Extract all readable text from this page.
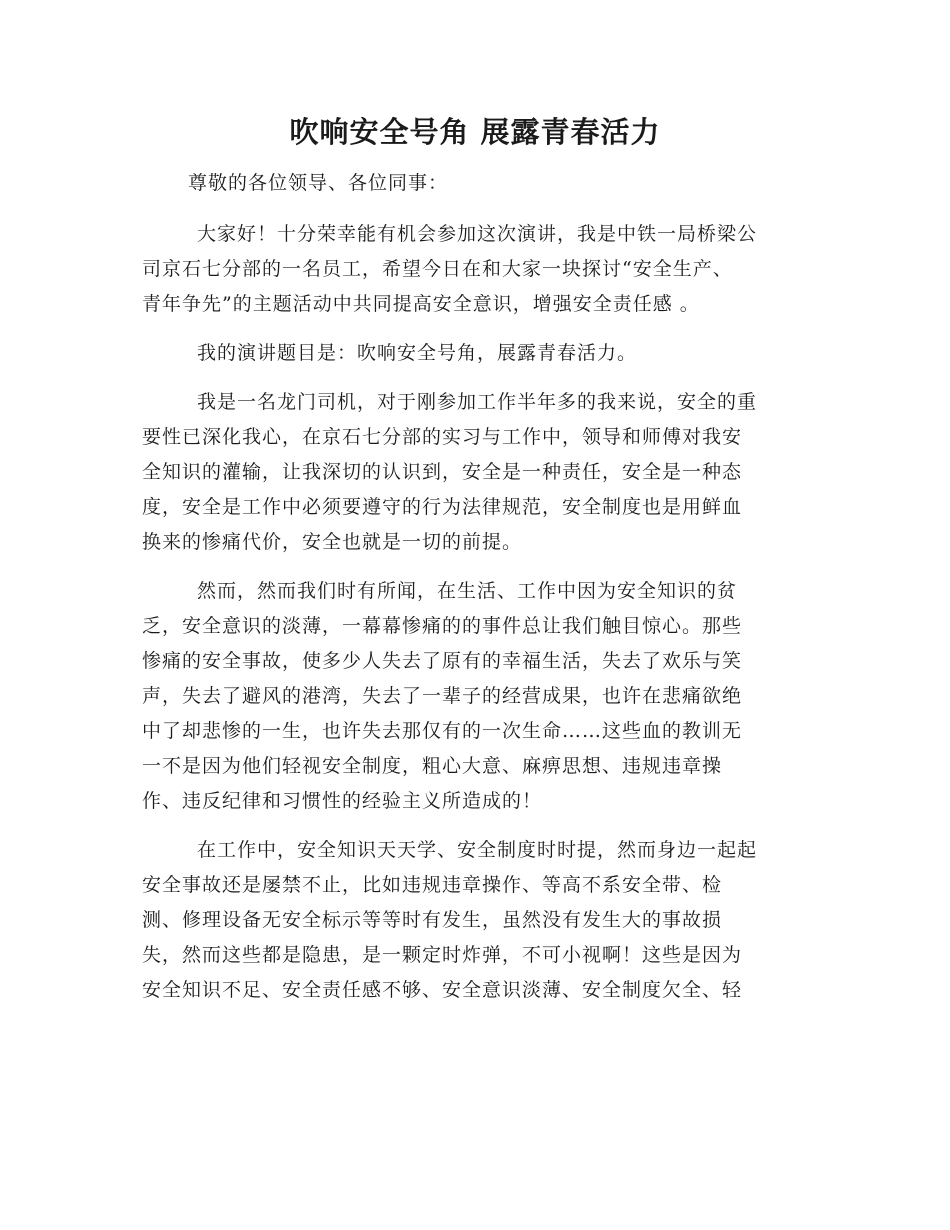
吹响安全号角 展露青春活力
尊敬的各位领导、各位同事：
大家好！十分荣幸能有机会参加这次演讲，我是中铁一局桥梁公
司京石七分部的一名员工，希望今日在和大家一块探讨“安全生产、
青年争先”的主题活动中共同提高安全意识，增强安全责任感 。
我的演讲题目是：吹响安全号角，展露青春活力。
我是一名龙门司机，对于刚参加工作半年多的我来说，安全的重
要性已深化我心，在京石七分部的实习与工作中，领导和师傅对我安
全知识的灌输，让我深切的认识到，安全是一种责任，安全是一种态
度，安全是工作中必须要遵守的行为法律规范，安全制度也是用鲜血
换来的惨痛代价，安全也就是一切的前提。
然而，然而我们时有所闻，在生活、工作中因为安全知识的贫
乏，安全意识的淡薄，一幕幕惨痛的的事件总让我们触目惊心。那些
惨痛的安全事故，使多少人失去了原有的幸福生活，失去了欢乐与笑
声，失去了避风的港湾，失去了一辈子的经营成果，也许在悲痛欲绝
中了却悲惨的一生，也许失去那仅有的一次生命……这些血的教训无
一不是因为他们轻视安全制度，粗心大意、麻痹思想、违规违章操
作、违反纪律和习惯性的经验主义所造成的！
在工作中，安全知识天天学、安全制度时时提，然而身边一起起
安全事故还是屡禁不止，比如违规违章操作、等高不系安全带、检
测、修理设备无安全标示等等时有发生，虽然没有发生大的事故损
失，然而这些都是隐患，是一颗定时炸弹，不可小视啊！这些是因为
安全知识不足、安全责任感不够、安全意识淡薄、安全制度欠全、轻
